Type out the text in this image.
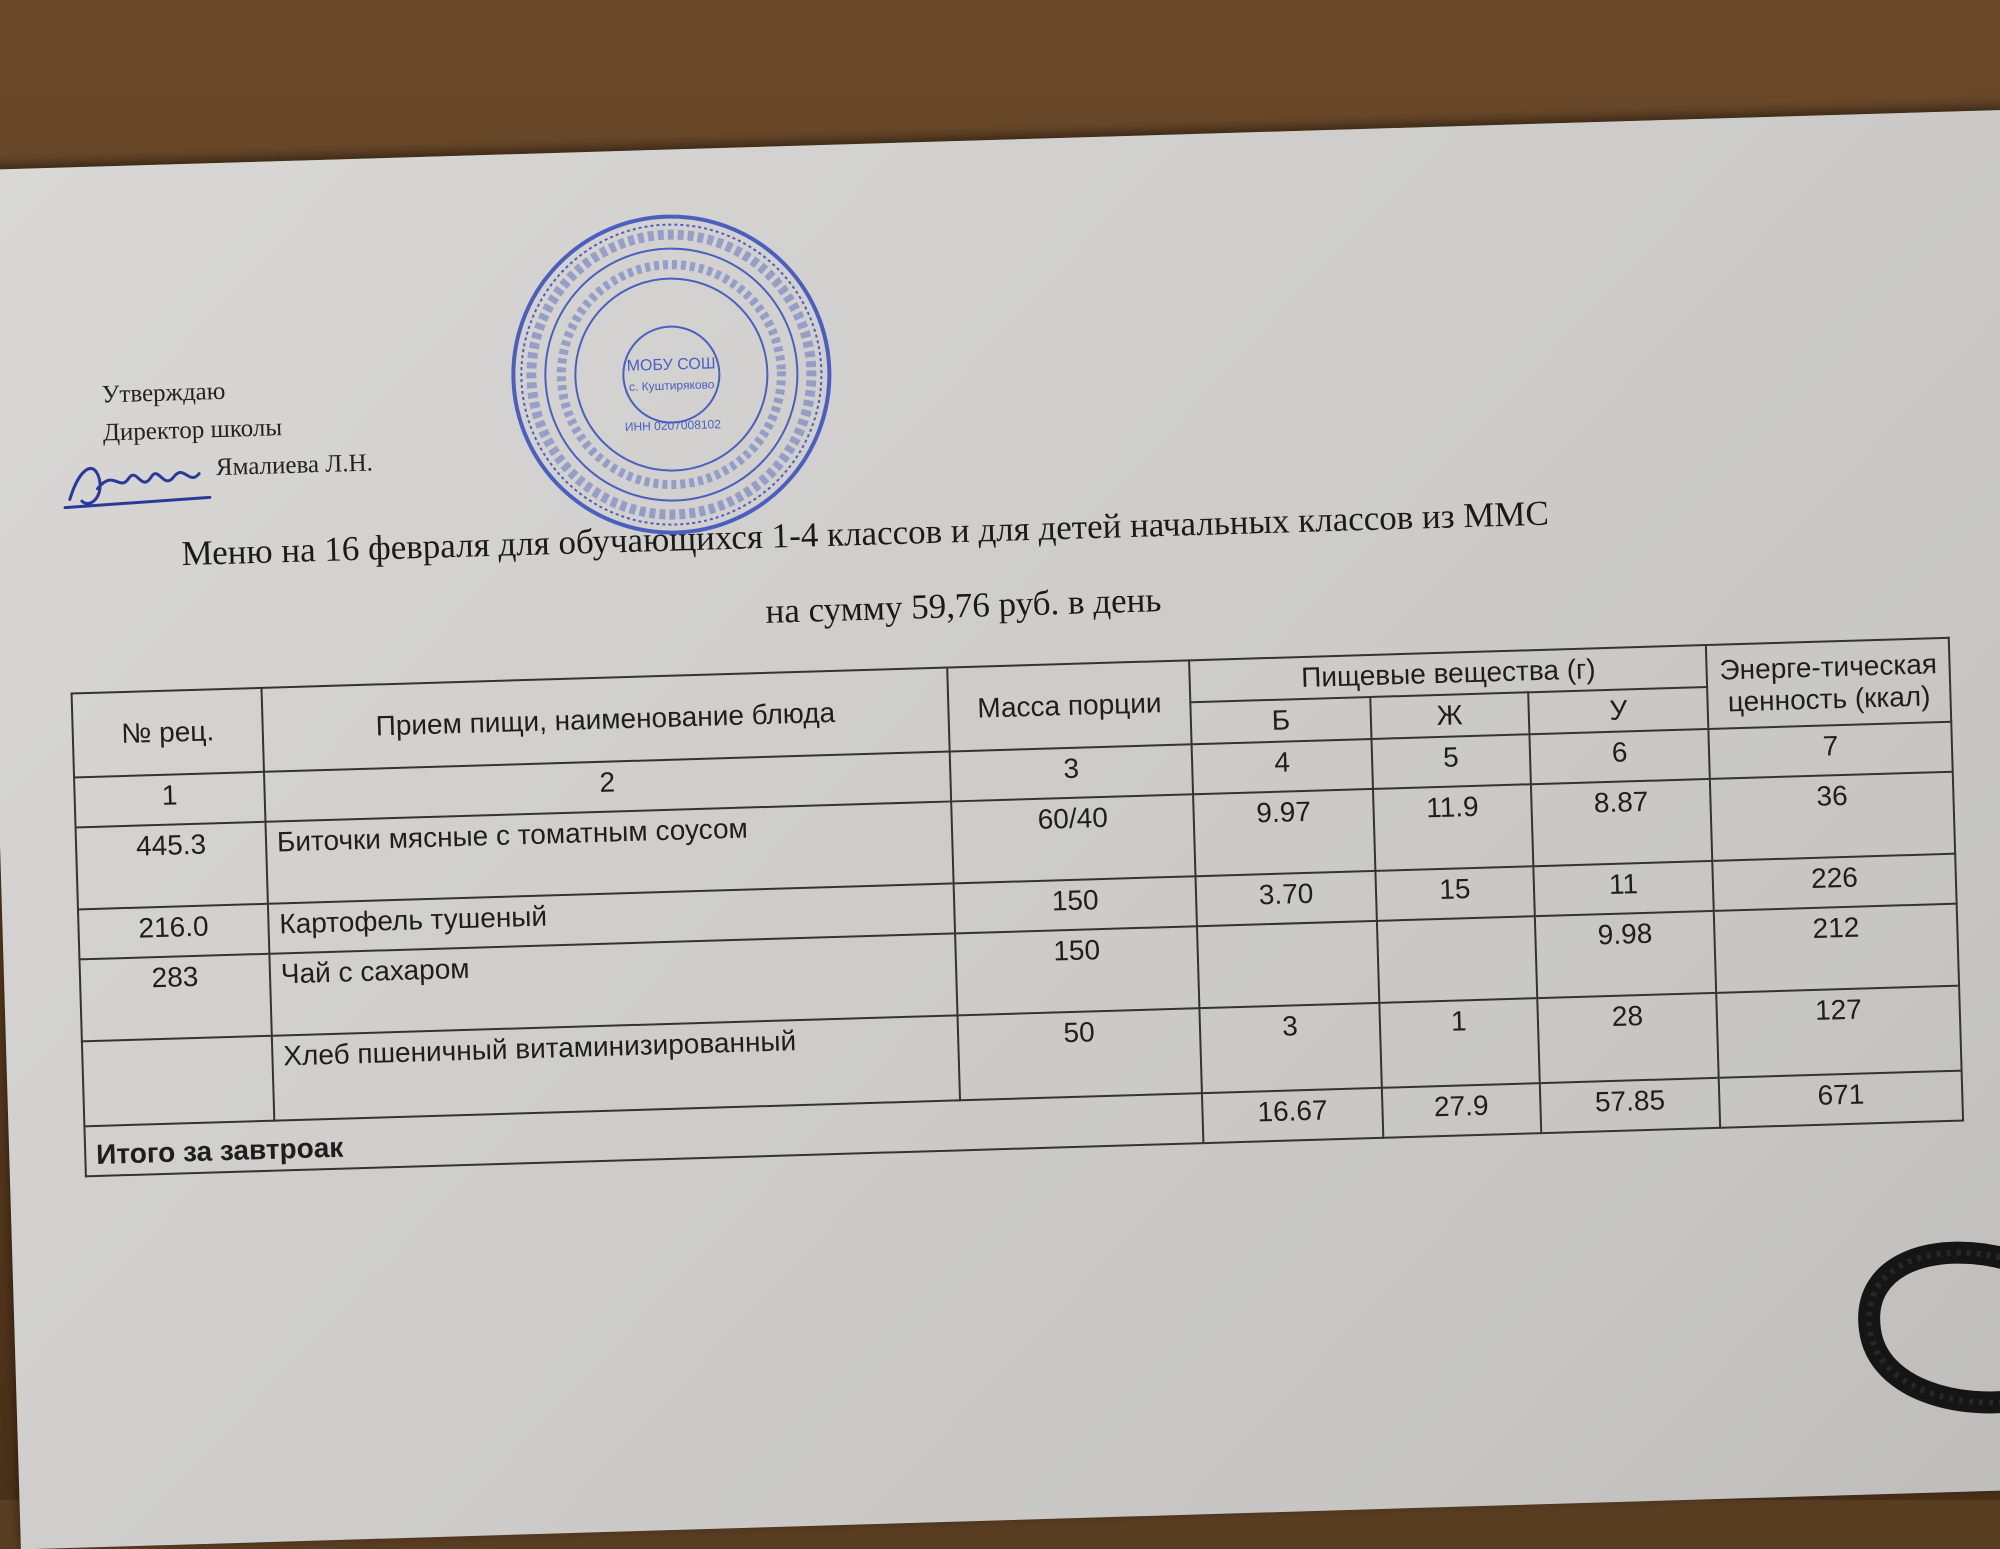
Утверждаю
Директор школы
Ямалиева Л.Н.
МОБУ СОШ
с. Куштиряково
ИНН 0207008102
Меню на 16 февраля для обучающихся 1-4 классов и для детей начальных классов из ММС
на сумму 59,76 руб. в день
№ рец.	Прием пищи, наименование блюда	Масса порции	Пищевые вещества (г)			Энерге-тическая ценность (ккал)
			Б	Ж	У	
1	2	3	4	5	6	7
445.3	Биточки мясные с томатным соусом	60/40	9.97	11.9	8.87	36
216.0	Картофель тушеный	150	3.70	15	11	226
283	Чай с сахаром	150			9.98	212
	Хлеб пшеничный витаминизированный	50	3	1	28	127
Итого за завтроак			16.67	27.9	57.85	671
